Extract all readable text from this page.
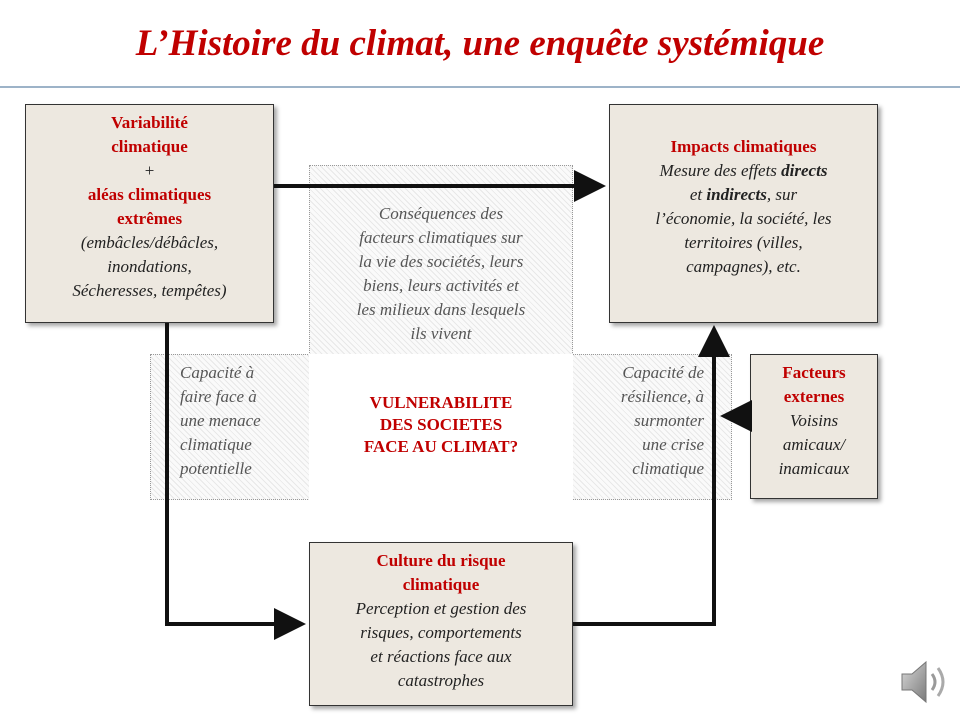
L’Histoire du climat, une enquête systémique
Conséquences des
facteurs climatiques sur
la vie des sociétés, leurs
biens, leurs activités et
les milieux dans lesquels
ils vivent
Capacité à
faire face à
une menace
climatique
potentielle
VULNERABILITE
DES SOCIETES
FACE AU CLIMAT?
Capacité de
résilience, à
surmonter
une crise
climatique
Variabilité
climatique
+
aléas climatiques
extrêmes
(embâcles/débâcles,
inondations,
Sécheresses, tempêtes)
Impacts climatiques
Mesure des effets directs
et indirects, sur
l’économie, la société, les
territoires (villes,
campagnes), etc.
Facteurs
externes
Voisins
amicaux/
inamicaux
Culture du risque
climatique
Perception et gestion des
risques, comportements
et réactions face aux
catastrophes
